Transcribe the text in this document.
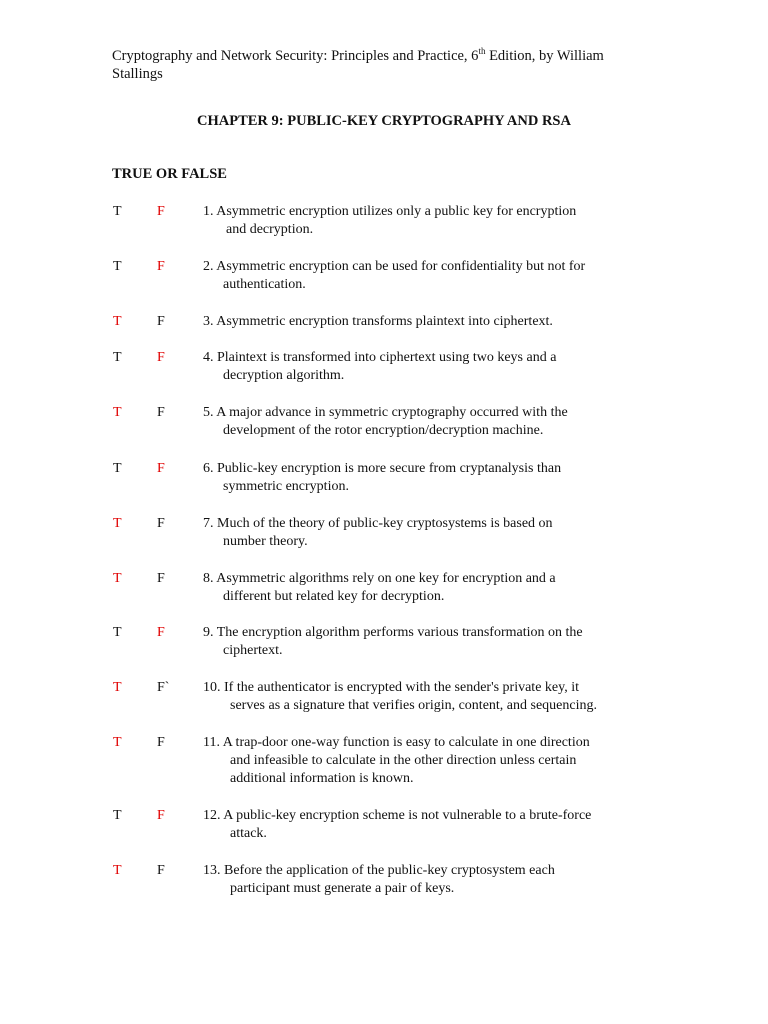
Cryptography and Network Security: Principles and Practice, 6th Edition, by William
Stallings
CHAPTER 9: PUBLIC-KEY CRYPTOGRAPHY AND RSA
TRUE OR FALSE
T	F	1. Asymmetric encryption utilizes only a public key for encryption
and decryption.
T	F	2. Asymmetric encryption can be used for confidentiality but not for
authentication.
T	F	3. Asymmetric encryption transforms plaintext into ciphertext.
T	F	4. Plaintext is transformed into ciphertext using two keys and a
decryption algorithm.
T	F	5. A major advance in symmetric cryptography occurred with the
development of the rotor encryption/decryption machine.
T	F	6. Public-key encryption is more secure from cryptanalysis than
symmetric encryption.
T	F	7. Much of the theory of public-key cryptosystems is based on
number theory.
T	F	8. Asymmetric algorithms rely on one key for encryption and a
different but related key for decryption.
T	F	9. The encryption algorithm performs various transformation on the
ciphertext.
T	F` 10. If the authenticator is encrypted with the sender's private key, it
serves as a signature that verifies origin, content, and sequencing.
T	F	11. A trap-door one-way function is easy to calculate in one direction
and infeasible to calculate in the other direction unless certain
additional information is known.
T	F	12. A public-key encryption scheme is not vulnerable to a brute-force
attack.
T	F	13. Before the application of the public-key cryptosystem each
participant must generate a pair of keys.
